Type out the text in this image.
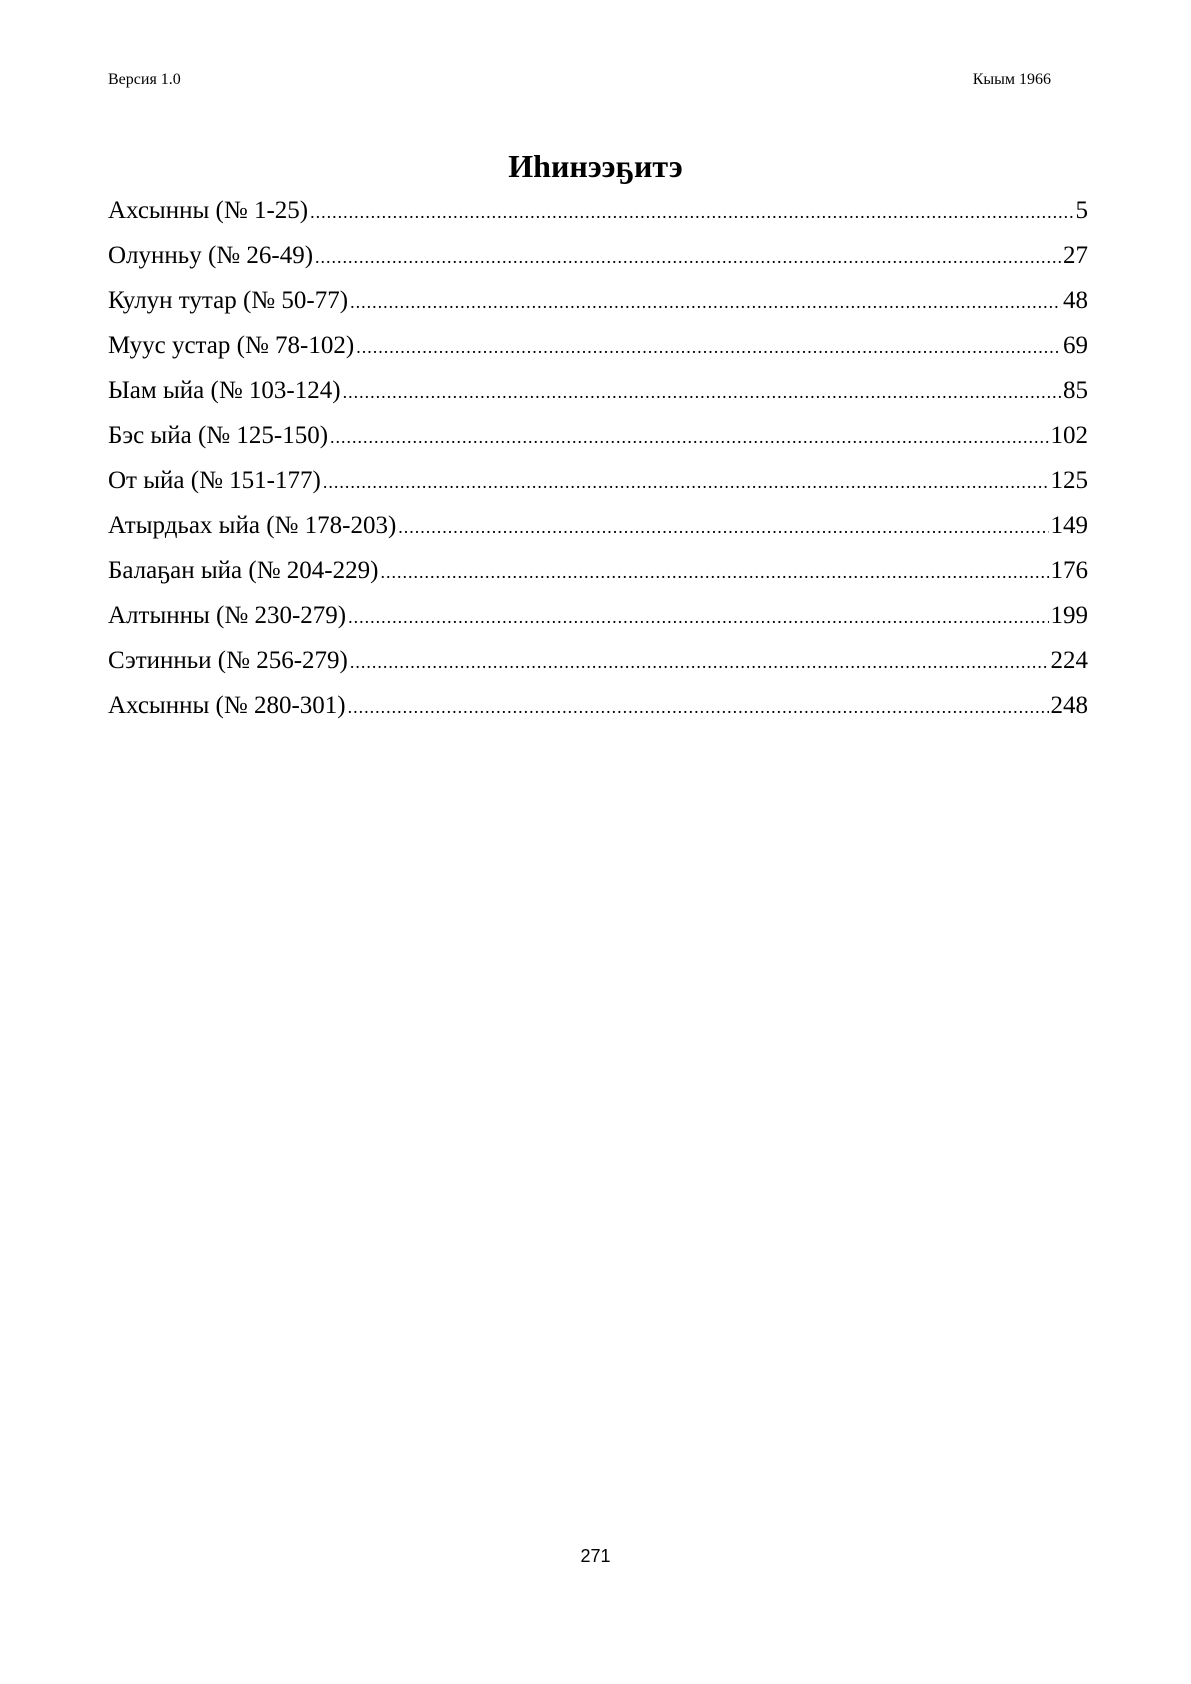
Версия 1.0	Кыым 1966
Иһинээҕитэ
Ахсынны (№ 1-25) .....	5
Олунньу (№ 26-49) .....	27
Кулун тутар (№ 50-77) .....	48
Муус устар (№ 78-102) .....	69
Ыам ыйа (№ 103-124) .....	85
Бэс ыйа (№ 125-150) .....	102
От ыйа (№ 151-177) .....	125
Атырдьах ыйа (№ 178-203) .....	149
Балаҕан ыйа (№ 204-229) .....	176
Алтынны (№ 230-279) .....	199
Сэтинньи (№ 256-279) .....	224
Ахсынны (№ 280-301) .....	248
271
